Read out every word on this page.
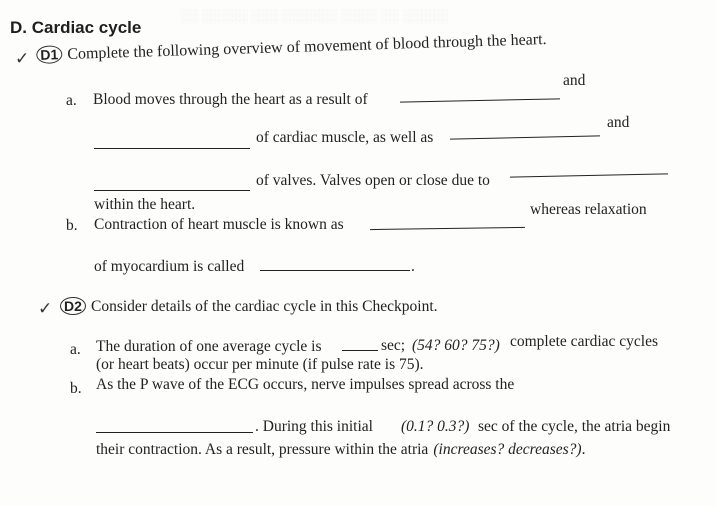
░░ ░░░░░ ░░░ ░░░░░░ ░░░░ ░░ ░░░░░
D. Cardiac cycle
✓ D1 Complete the following overview of movement of blood through the heart.
a. Blood moves through the heart as a result of
and
of cardiac muscle, as well as
and
of valves. Valves open or close due to
within the heart.
b. Contraction of heart muscle is known as
whereas relaxation
of myocardium is called	.
✓ D2 Consider details of the cardiac cycle in this Checkpoint.
a. The duration of one average cycle is	sec; (54? 60? 75?) complete cardiac cycles
(or heart beats) occur per minute (if pulse rate is 75).
b. As the P wave of the ECG occurs, nerve impulses spread across the
. During this initial (0.1? 0.3?) sec of the cycle, the atria begin
their contraction. As a result, pressure within the atria (increases? decreases?).
